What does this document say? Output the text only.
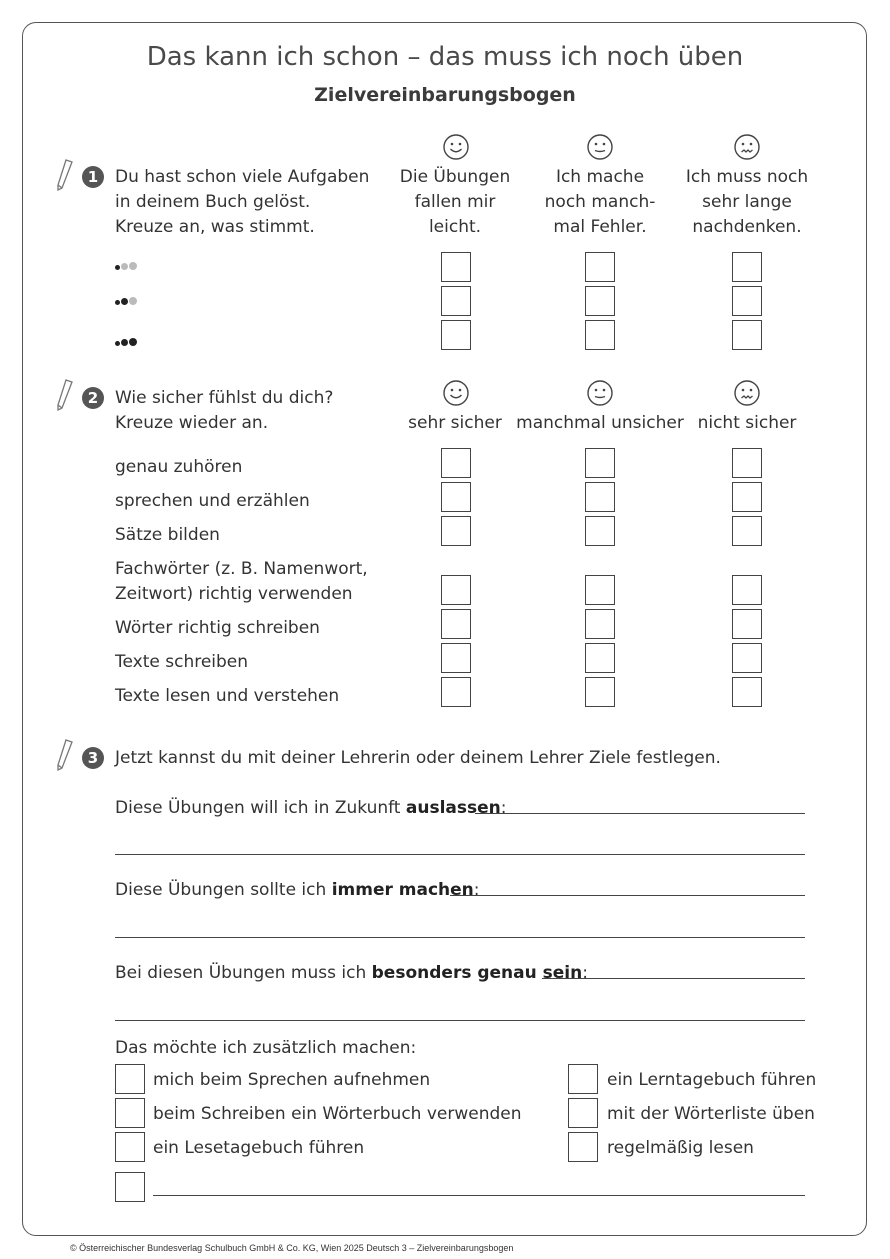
Das kann ich schon – das muss ich noch üben
Zielvereinbarungsbogen
1 Du hast schon viele Aufgaben
in deinem Buch gelöst.
Kreuze an, was stimmt.
Die Übungen
fallen mir
leicht.
Ich mache
noch manch-
mal Fehler.
Ich muss noch
sehr lange
nachdenken.
2 Wie sicher fühlst du dich?
Kreuze wieder an.	sehr sicher manchmal unsicher nicht sicher
genau zuhören
sprechen und erzählen
Sätze bilden
Fachwörter (z. B. Namenwort,
Zeitwort) richtig verwenden
Wörter richtig schreiben
Texte schreiben
Texte lesen und verstehen
3 Jetzt kannst du mit deiner Lehrerin oder deinem Lehrer Ziele festlegen.
Diese Übungen will ich in Zukunft auslassen:
Diese Übungen sollte ich immer machen:
Bei diesen Übungen muss ich besonders genau sein:
Das möchte ich zusätzlich machen:
mich beim Sprechen aufnehmen
beim Schreiben ein Wörterbuch verwenden
ein Lesetagebuch führen
ein Lerntagebuch führen
mit der Wörterliste üben
regelmäßig lesen
© Österreichischer Bundesverlag Schulbuch GmbH & Co. KG, Wien 2025 Deutsch 3 – Zielvereinbarungsbogen
